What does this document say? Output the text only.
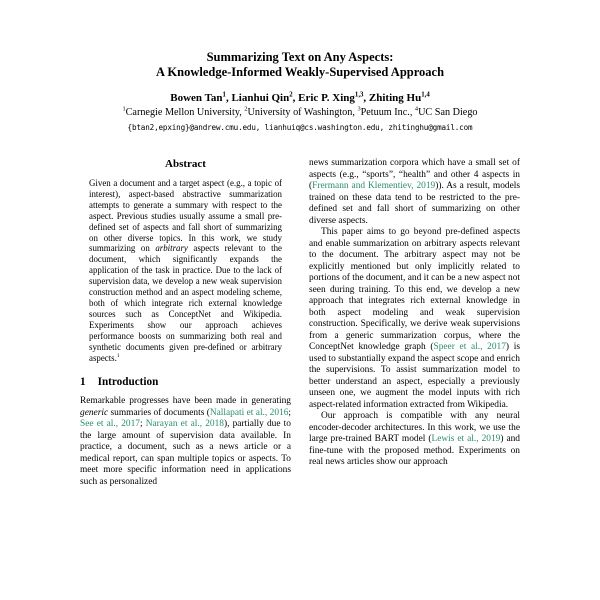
Summarizing Text on Any Aspects:
A Knowledge-Informed Weakly-Supervised Approach
Bowen Tan$^1$, Lianhui Qin$^2$, Eric P. Xing$^{1,3}$, Zhiting Hu$^{1,4}$
$^1$Carnegie Mellon University, $^2$University of Washington, $^3$Petuum Inc., $^4$UC San Diego
{btan2,epxing}@andrew.cmu.edu, lianhuiq@cs.washington.edu, zhitinghu@gmail.com
Abstract

Given a document and a target aspect (e.g., a topic of interest), aspect-based abstractive summarization attempts to generate a summary with respect to the aspect. Previous studies usually assume a small pre-defined set of aspects and fall short of summarizing on other diverse topics. In this work, we study summarizing on arbitrary aspects relevant to the document, which significantly expands the application of the task in practice. Due to the lack of supervision data, we develop a new weak supervision construction method and an aspect modeling scheme, both of which integrate rich external knowledge sources such as ConceptNet and Wikipedia. Experiments show our approach achieves performance boosts on summarizing both real and synthetic documents given pre-defined or arbitrary aspects.$^1$

1 Introduction

Remarkable progresses have been made in generating generic summaries of documents (Nallapati et al., 2016; See et al., 2017; Narayan et al., 2018), partially due to the large amount of supervision data available. In practice, a document, such as a news article or a medical report, can span multiple topics or aspects. To meet more specific information need in applications such as personalized

news summarization corpora which have a small set of aspects (e.g., “sports”, “health” and other 4 aspects in (Frermann and Klementiev, 2019)). As a result, models trained on these data tend to be restricted to the pre-defined set and fall short of summarizing on other diverse aspects.

This paper aims to go beyond pre-defined aspects and enable summarization on arbitrary aspects relevant to the document. The arbitrary aspect may not be explicitly mentioned but only implicitly related to portions of the document, and it can be a new aspect not seen during training. To this end, we develop a new approach that integrates rich external knowledge in both aspect modeling and weak supervision construction. Specifically, we derive weak supervisions from a generic summarization corpus, where the ConceptNet knowledge graph (Speer et al., 2017) is used to substantially expand the aspect scope and enrich the supervisions. To assist summarization model to better understand an aspect, especially a previously unseen one, we augment the model inputs with rich aspect-related information extracted from Wikipedia.

Our approach is compatible with any neural encoder-decoder architectures. In this work, we use the large pre-trained BART model (Lewis et al., 2019) and fine-tune with the proposed method. Experiments on real news articles show our approach
